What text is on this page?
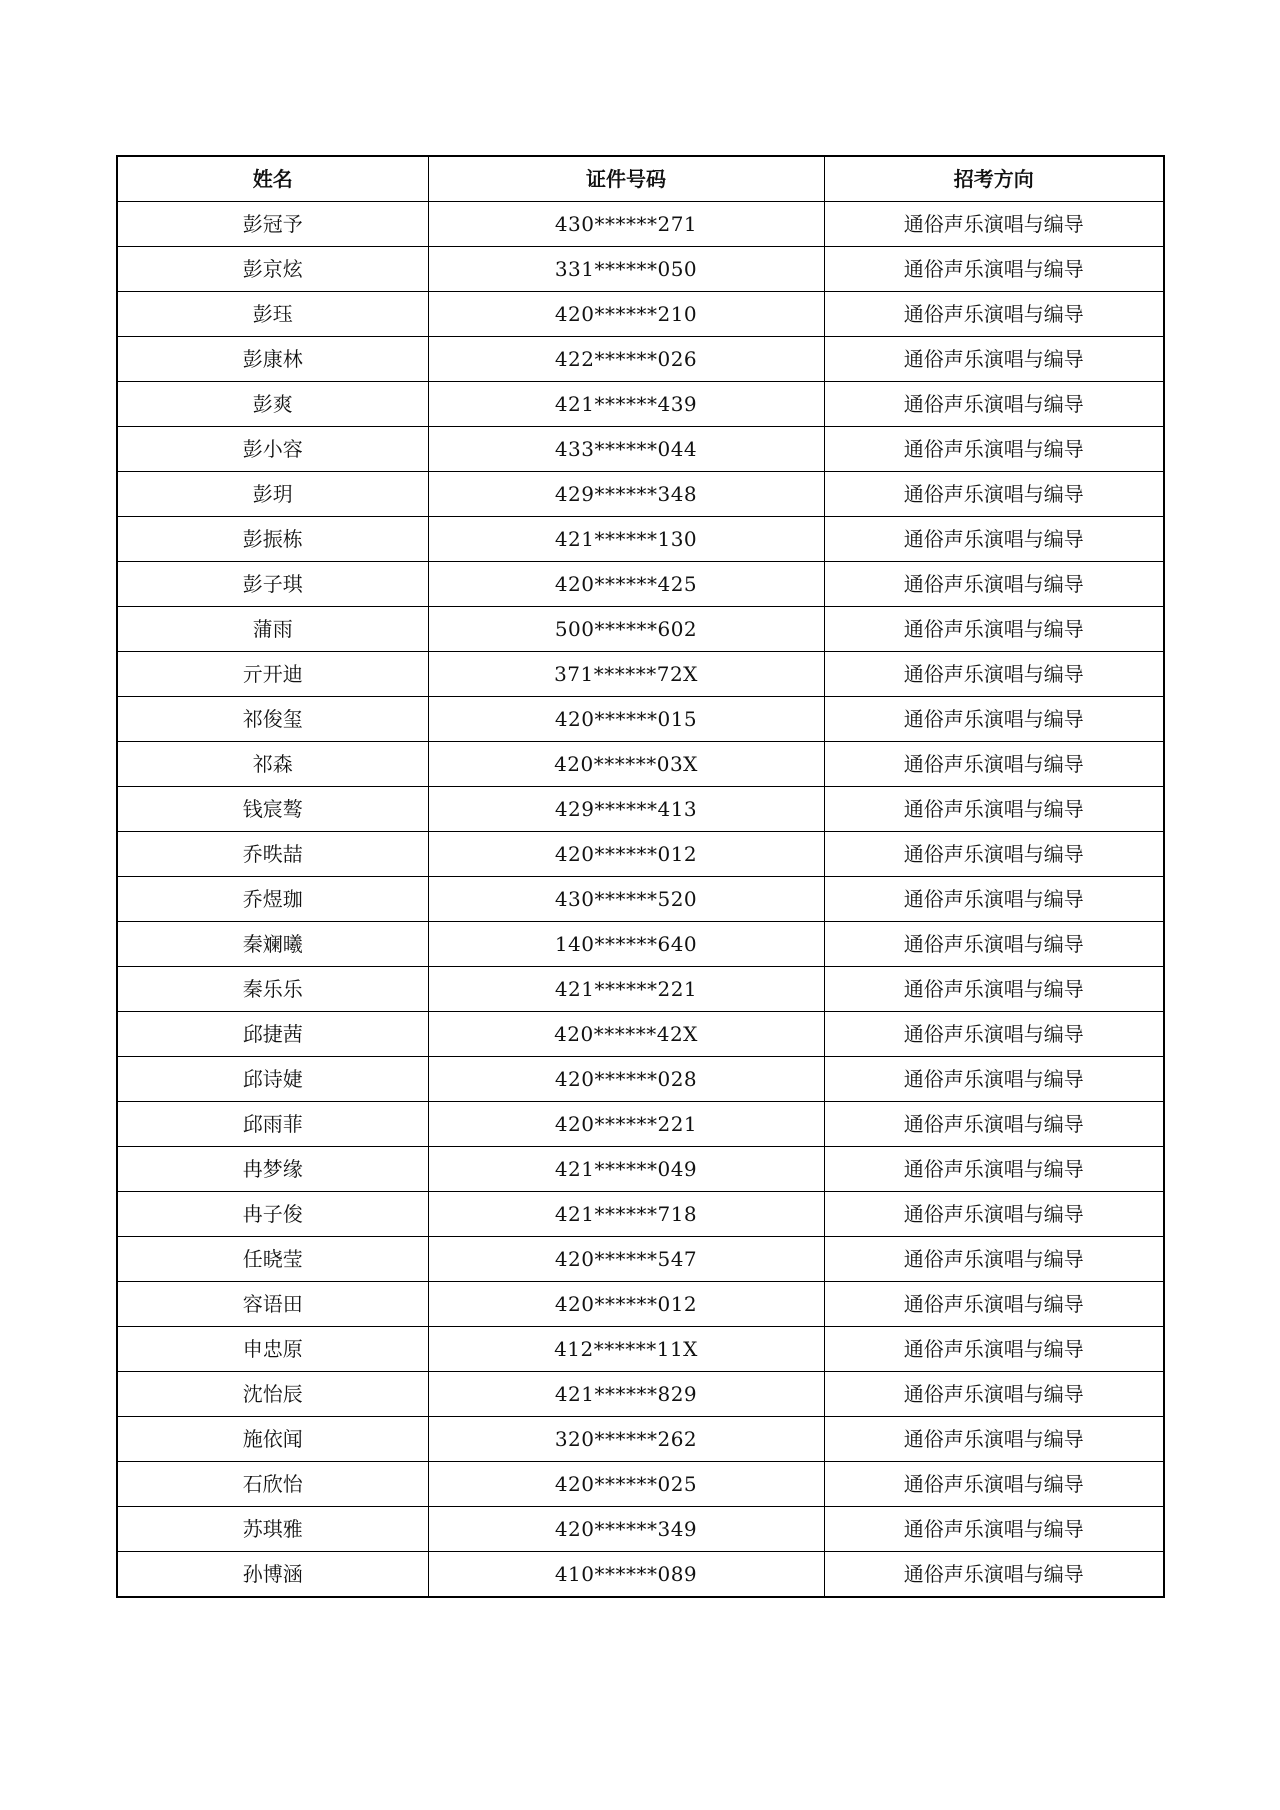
姓名	证件号码	招考方向
彭冠予	430******271	通俗声乐演唱与编导
彭京炫	331******050	通俗声乐演唱与编导
彭珏	420******210	通俗声乐演唱与编导
彭康林	422******026	通俗声乐演唱与编导
彭爽	421******439	通俗声乐演唱与编导
彭小容	433******044	通俗声乐演唱与编导
彭玥	429******348	通俗声乐演唱与编导
彭振栋	421******130	通俗声乐演唱与编导
彭子琪	420******425	通俗声乐演唱与编导
蒲雨	500******602	通俗声乐演唱与编导
亓开迪	371******72X	通俗声乐演唱与编导
祁俊玺	420******015	通俗声乐演唱与编导
祁森	420******03X	通俗声乐演唱与编导
钱宸骜	429******413	通俗声乐演唱与编导
乔昳喆	420******012	通俗声乐演唱与编导
乔煜珈	430******520	通俗声乐演唱与编导
秦斓曦	140******640	通俗声乐演唱与编导
秦乐乐	421******221	通俗声乐演唱与编导
邱捷茜	420******42X	通俗声乐演唱与编导
邱诗婕	420******028	通俗声乐演唱与编导
邱雨菲	420******221	通俗声乐演唱与编导
冉梦缘	421******049	通俗声乐演唱与编导
冉子俊	421******718	通俗声乐演唱与编导
任晓莹	420******547	通俗声乐演唱与编导
容语田	420******012	通俗声乐演唱与编导
申忠原	412******11X	通俗声乐演唱与编导
沈怡辰	421******829	通俗声乐演唱与编导
施依闻	320******262	通俗声乐演唱与编导
石欣怡	420******025	通俗声乐演唱与编导
苏琪雅	420******349	通俗声乐演唱与编导
孙博涵	410******089	通俗声乐演唱与编导
